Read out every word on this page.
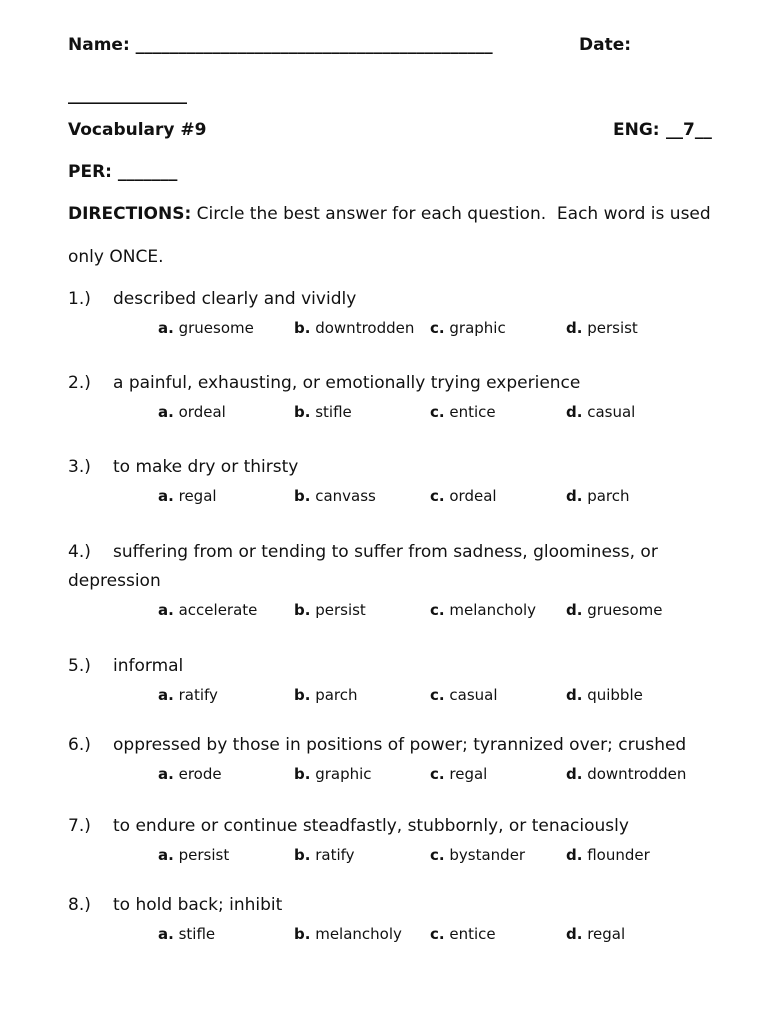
Name: __________________________________________	Date:
______________
Vocabulary #9	ENG: __7__
PER: _______
DIRECTIONS: Circle the best answer for each question.  Each word is used
only ONCE.
1.) described clearly and vividly
a. gruesome	b. downtrodden c. graphic	d. persist
2.) a painful, exhausting, or emotionally trying experience
a. ordeal	b. stifle	c. entice	d. casual
3.) to make dry or thirsty
a. regal	b. canvass	c. ordeal	d. parch
4.) suffering from or tending to suffer from sadness, gloominess, or
depression
a. accelerate b. persist	c. melancholy d. gruesome
5.) informal
a. ratify	b. parch	c. casual	d. quibble
6.) oppressed by those in positions of power; tyrannized over; crushed
a. erode	b. graphic	c. regal	d. downtrodden
7.) to endure or continue steadfastly, stubbornly, or tenaciously
a. persist	b. ratify	c. bystander	d. flounder
8.) to hold back; inhibit
a. stifle	b. melancholy c. entice	d. regal
